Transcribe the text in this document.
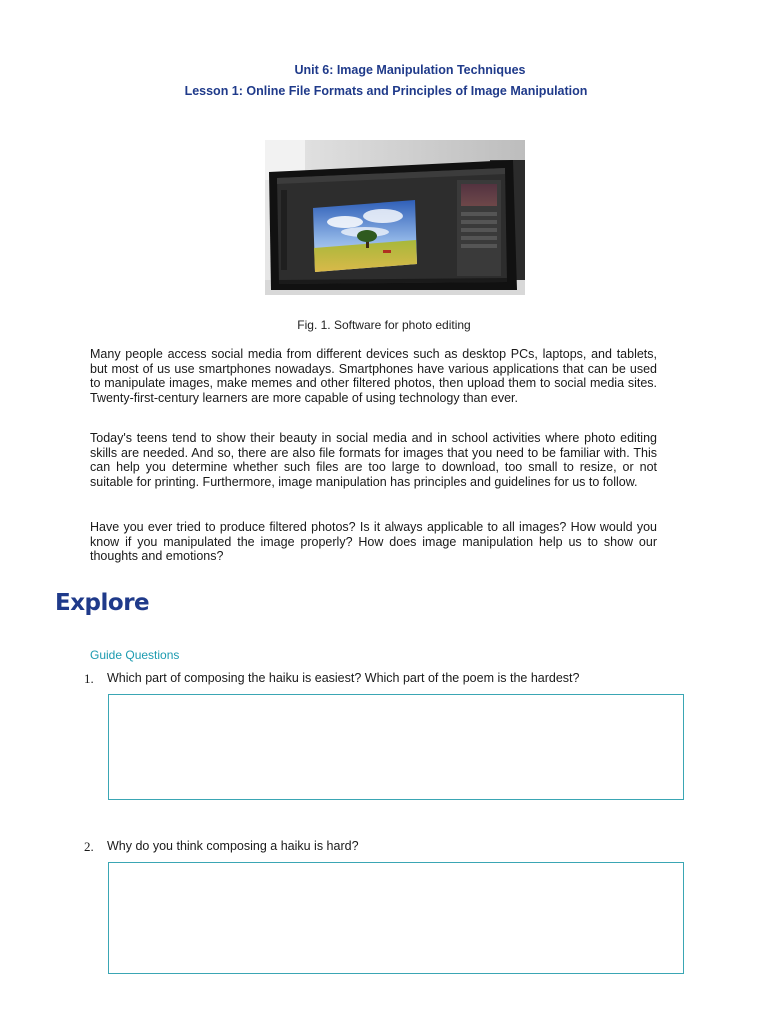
Unit 6: Image Manipulation Techniques
Lesson 1: Online File Formats and Principles of Image Manipulation
Fig. 1. Software for photo editing

Many people access social media from different devices such as desktop PCs, laptops, and tablets, but most of us use smartphones nowadays. Smartphones have various applications that can be used to manipulate images, make memes and other filtered photos, then upload them to social media sites. Twenty-first-century learners are more capable of using technology than ever.

Today's teens tend to show their beauty in social media and in school activities where photo editing skills are needed. And so, there are also file formats for images that you need to be familiar with. This can help you determine whether such files are too large to download, too small to resize, or not suitable for printing. Furthermore, image manipulation has principles and guidelines for us to follow.

Have you ever tried to produce filtered photos? Is it always applicable to all images? How would you know if you manipulated the image properly? How does image manipulation help us to show our thoughts and emotions?

Explore
Guide Questions
1.	Which part of composing the haiku is easiest? Which part of the poem is the hardest?
2.	Why do you think composing a haiku is hard?
